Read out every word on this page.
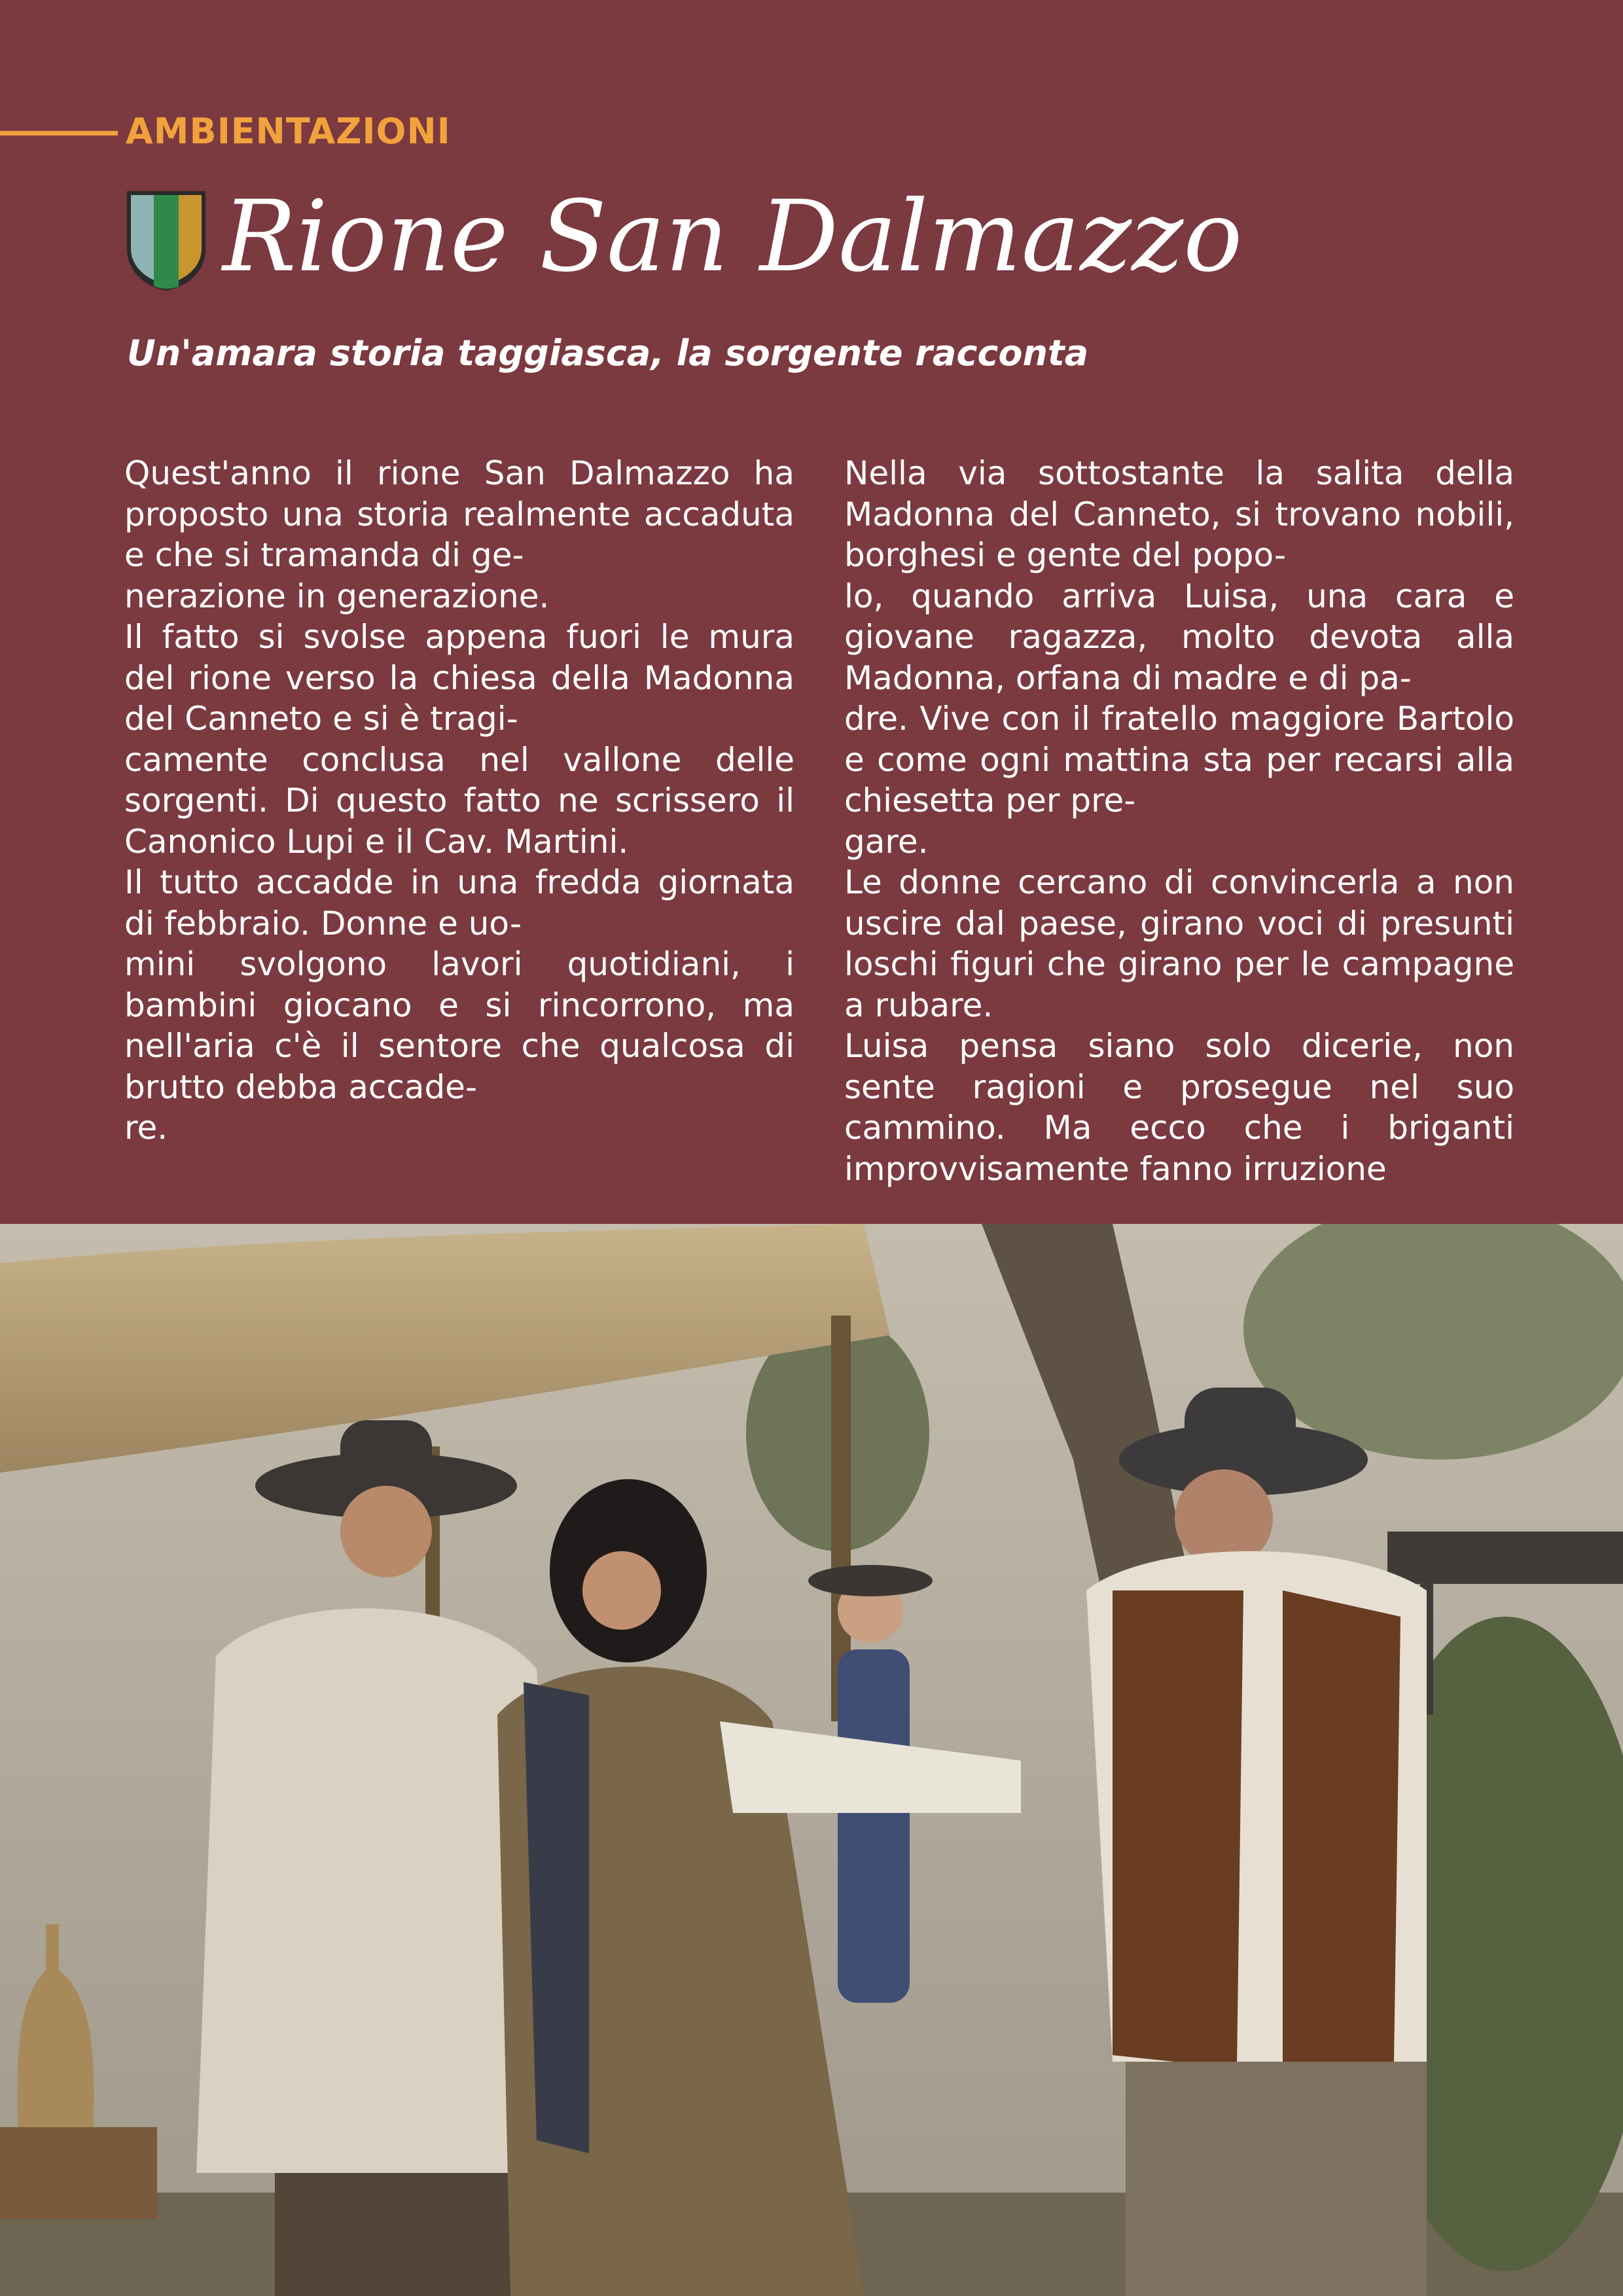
AMBIENTAZIONI
Rione San Dalmazzo
Un'amara storia taggiasca, la sorgente racconta

Quest'anno il rione San Dalmazzo ha proposto una storia realmente accaduta e che si tramanda di ge-
nerazione in generazione.

Il fatto si svolse appena fuori le mura del rione verso la chiesa della Madonna del Canneto e si è tragi-
camente conclusa nel vallone delle sorgenti. Di questo fatto ne scrissero il Canonico Lupi e il Cav. Martini.

Il tutto accadde in una fredda giornata di febbraio. Donne e uo-
mini svolgono lavori quotidiani, i bambini giocano e si rincorrono, ma nell'aria c'è il sentore che qualcosa di brutto debba accade-
re.

Nella via sottostante la salita della Madonna del Canneto, si trovano nobili, borghesi e gente del popo-
lo, quando arriva Luisa, una cara e giovane ragazza, molto devota alla Madonna, orfana di madre e di pa-
dre. Vive con il fratello maggiore Bartolo e come ogni mattina sta per recarsi alla chiesetta per pre-
gare.

Le donne cercano di convincerla a non uscire dal paese, girano voci di presunti loschi figuri che girano per le campagne a rubare.

Luisa pensa siano solo dicerie, non sente ragioni e prosegue nel suo cammino. Ma ecco che i briganti improvvisamente fanno irruzione
